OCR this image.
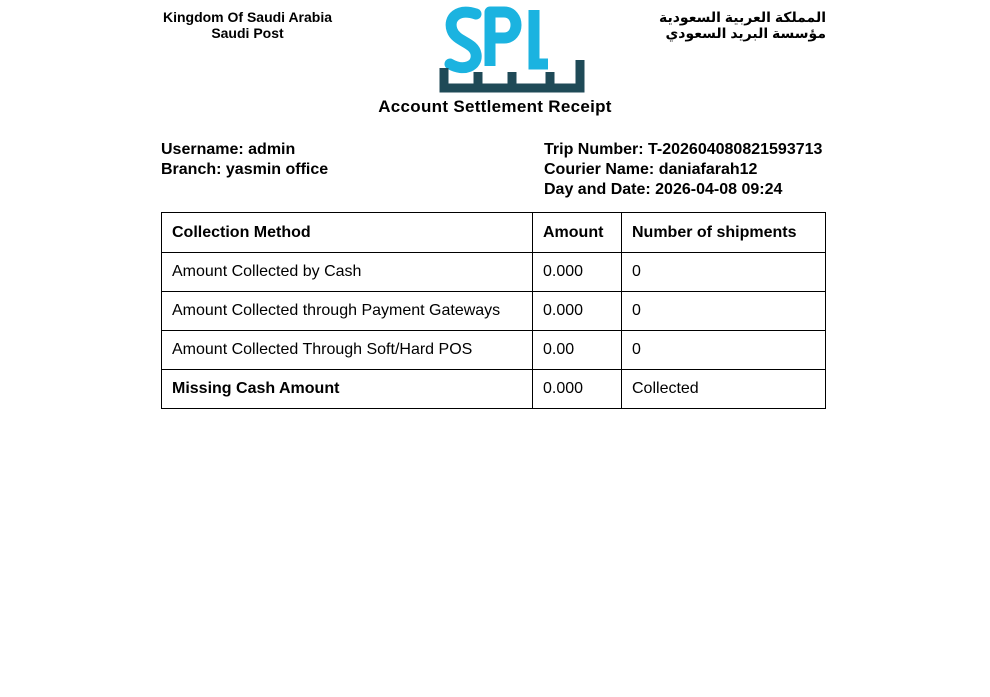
Kingdom Of Saudi Arabia
Saudi Post
المملكة العربية السعودية
مؤسسة البريد السعودي
Account Settlement Receipt
Username: admin
Branch: yasmin office
Trip Number: T-202604080821593713
Courier Name: daniafarah12
Day and Date: 2026-04-08 09:24
Collection Method	Amount	Number of shipments
Amount Collected by Cash	0.000	0
Amount Collected through Payment Gateways	0.000	0
Amount Collected Through Soft/Hard POS	0.00	0
Missing Cash Amount	0.000	Collected
